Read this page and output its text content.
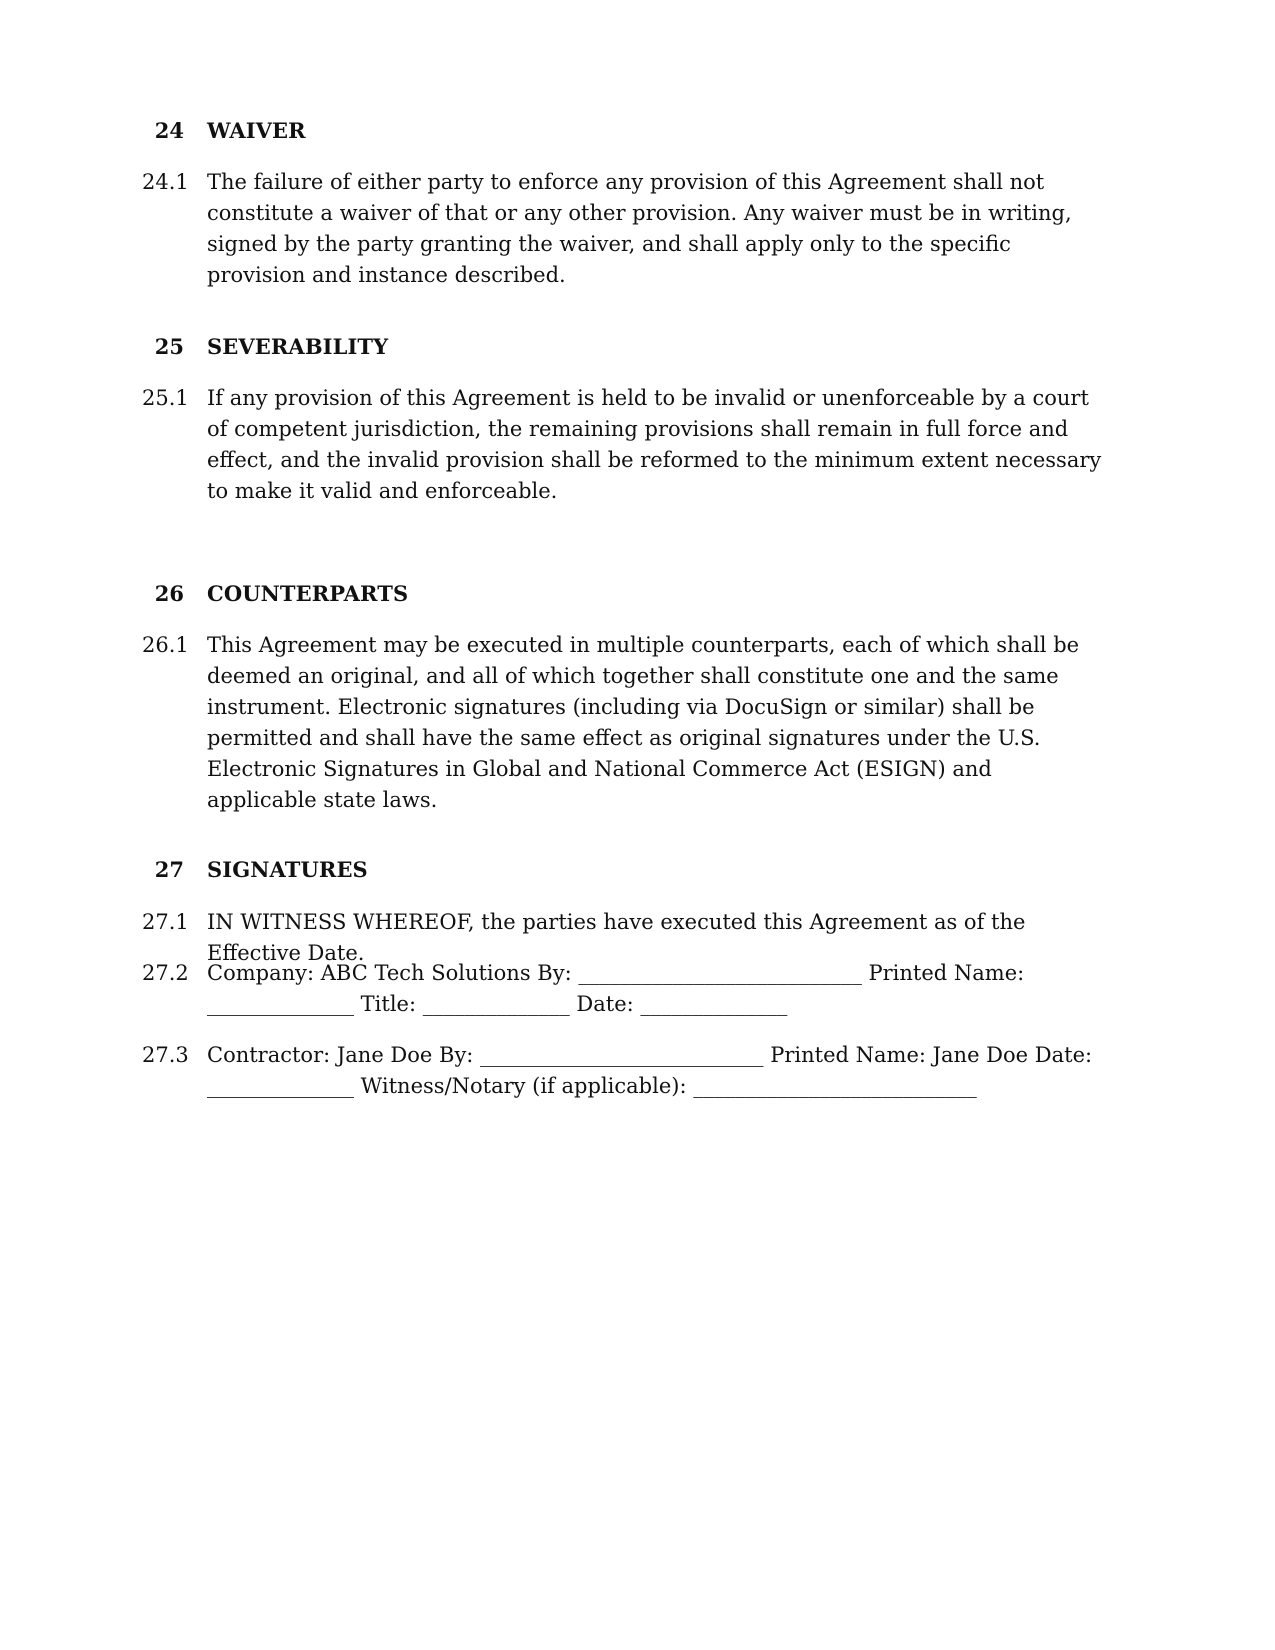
24 WAIVER
24.1 The failure of either party to enforce any provision of this Agreement shall not constitute a waiver of that or any other provision. Any waiver must be in writing, signed by the party granting the waiver, and shall apply only to the specific provision and instance described.
25 SEVERABILITY
25.1 If any provision of this Agreement is held to be invalid or unenforceable by a court of competent jurisdiction, the remaining provisions shall remain in full force and effect, and the invalid provision shall be reformed to the minimum extent necessary to make it valid and enforceable.
26 COUNTERPARTS
26.1 This Agreement may be executed in multiple counterparts, each of which shall be deemed an original, and all of which together shall constitute one and the same instrument. Electronic signatures (including via DocuSign or similar) shall be permitted and shall have the same effect as original signatures under the U.S. Electronic Signatures in Global and National Commerce Act (ESIGN) and applicable state laws.
27 SIGNATURES
27.1 IN WITNESS WHEREOF, the parties have executed this Agreement as of the Effective Date.
27.2 Company: ABC Tech Solutions By: ___________________________ Printed Name: ______________ Title: ______________ Date: ______________
27.3 Contractor: Jane Doe By: ___________________________ Printed Name: Jane Doe Date: ______________ Witness/Notary (if applicable): ___________________________
